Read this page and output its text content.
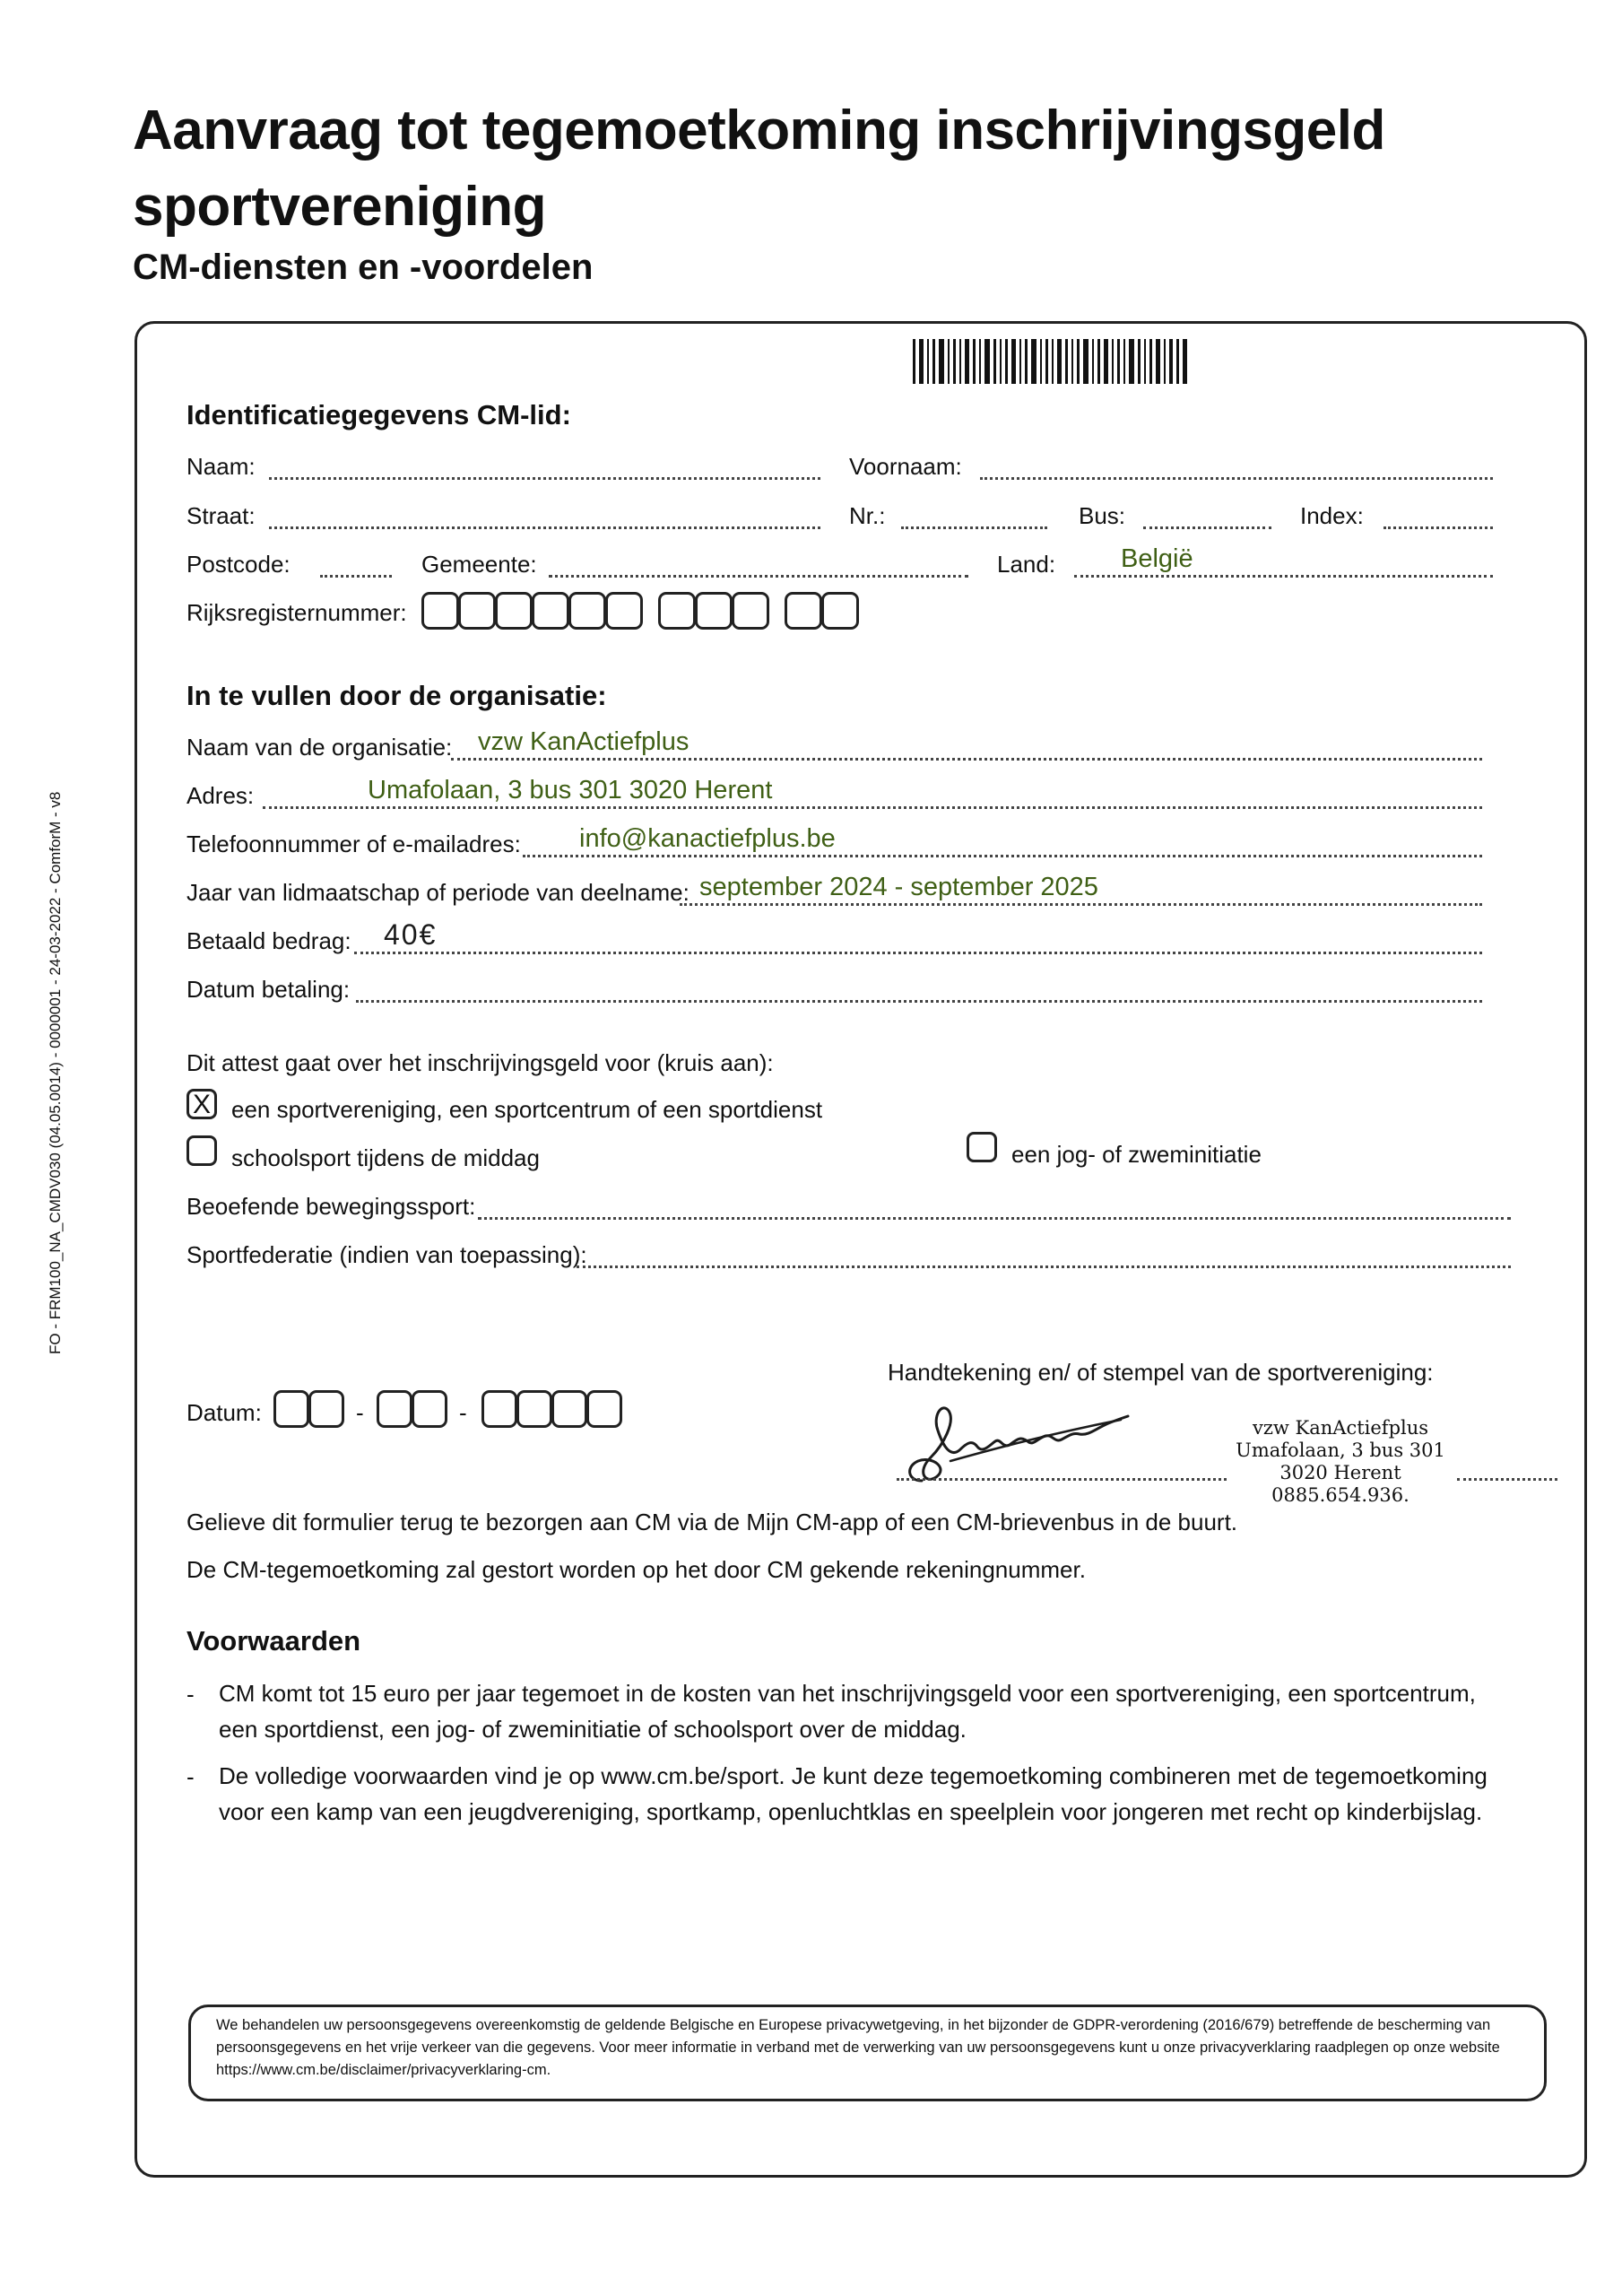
Aanvraag tot tegemoetkoming inschrijvingsgeld
sportvereniging
CM-diensten en -voordelen
FO - FRM100_NA_CMDV030 (04.05.0014) - 0000001 - 24-03-2022 - ComforM - v8
Identificatiegegevens CM-lid:
Naam:	Voornaam:
Straat:	Nr.:	Bus:	Index:
Postcode:	Gemeente:	Land:	België
Rijksregisternummer:
In te vullen door de organisatie:
Naam van de organisatie: vzw KanActiefplus
Adres:	Umafolaan, 3 bus 301 3020 Herent
Telefoonnummer of e-mailadres: info@kanactiefplus.be
Jaar van lidmaatschap of periode van deelname: september 2024 - september 2025
Betaald bedrag: 40€
Datum betaling:
Dit attest gaat over het inschrijvingsgeld voor (kruis aan):
X een sportvereniging, een sportcentrum of een sportdienst
schoolsport tijdens de middag	een jog- of zweminitiatie
Beoefende bewegingssport:
Sportfederatie (indien van toepassing):
Handtekening en/ of stempel van de sportvereniging:
Datum:	-	-
vzw KanActiefplus
Umafolaan, 3 bus 301
3020 Herent
0885.654.936.
Gelieve dit formulier terug te bezorgen aan CM via de Mijn CM-app of een CM-brievenbus in de buurt.
De CM-tegemoetkoming zal gestort worden op het door CM gekende rekeningnummer.
Voorwaarden
- CM komt tot 15 euro per jaar tegemoet in de kosten van het inschrijvingsgeld voor een sportvereniging, een sportcentrum, een sportdienst, een jog- of zweminitiatie of schoolsport over de middag.
- De volledige voorwaarden vind je op www.cm.be/sport. Je kunt deze tegemoetkoming combineren met de tegemoetkoming voor een kamp van een jeugdvereniging, sportkamp, openluchtklas en speelplein voor jongeren met recht op kinderbijslag.
We behandelen uw persoonsgegevens overeenkomstig de geldende Belgische en Europese privacywetgeving, in het bijzonder de GDPR-verordening (2016/679) betreffende de bescherming van persoonsgegevens en het vrije verkeer van die gegevens. Voor meer informatie in verband met de verwerking van uw persoonsgegevens kunt u onze privacyverklaring raadplegen op onze website https://www.cm.be/disclaimer/privacyverklaring-cm.
